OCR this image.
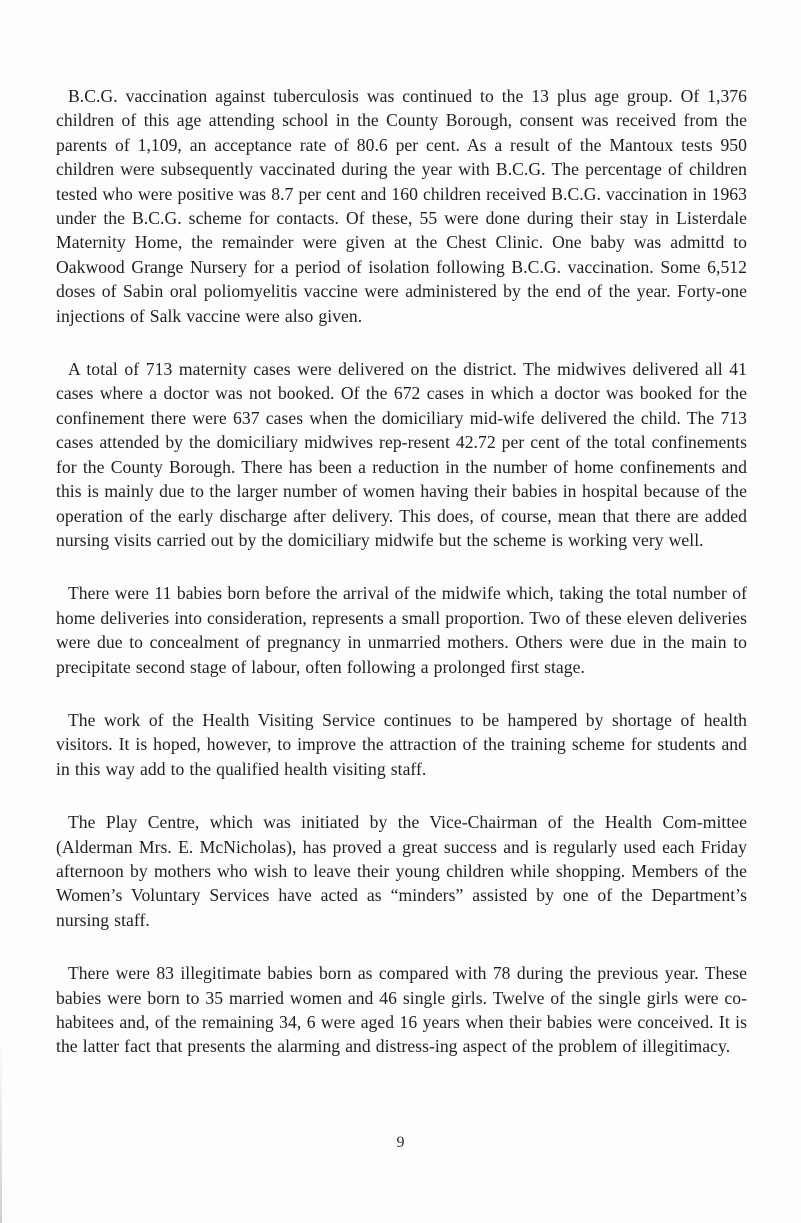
B.C.G. vaccination against tuberculosis was continued to the 13 plus age group. Of 1,376 children of this age attending school in the County Borough, consent was received from the parents of 1,109, an acceptance rate of 80.6 per cent. As a result of the Mantoux tests 950 children were subsequently vaccinated during the year with B.C.G. The percentage of children tested who were positive was 8.7 per cent and 160 children received B.C.G. vaccination in 1963 under the B.C.G. scheme for contacts. Of these, 55 were done during their stay in Listerdale Maternity Home, the remainder were given at the Chest Clinic. One baby was admittd to Oakwood Grange Nursery for a period of isolation following B.C.G. vaccination. Some 6,512 doses of Sabin oral poliomyelitis vaccine were administered by the end of the year. Forty-one injections of Salk vaccine were also given.

A total of 713 maternity cases were delivered on the district. The midwives delivered all 41 cases where a doctor was not booked. Of the 672 cases in which a doctor was booked for the confinement there were 637 cases when the domiciliary mid-wife delivered the child. The 713 cases attended by the domiciliary midwives rep-resent 42.72 per cent of the total confinements for the County Borough. There has been a reduction in the number of home confinements and this is mainly due to the larger number of women having their babies in hospital because of the operation of the early discharge after delivery. This does, of course, mean that there are added nursing visits carried out by the domiciliary midwife but the scheme is working very well.

There were 11 babies born before the arrival of the midwife which, taking the total number of home deliveries into consideration, represents a small proportion. Two of these eleven deliveries were due to concealment of pregnancy in unmarried mothers. Others were due in the main to precipitate second stage of labour, often following a prolonged first stage.

The work of the Health Visiting Service continues to be hampered by shortage of health visitors. It is hoped, however, to improve the attraction of the training scheme for students and in this way add to the qualified health visiting staff.

The Play Centre, which was initiated by the Vice-Chairman of the Health Com-mittee (Alderman Mrs. E. McNicholas), has proved a great success and is regularly used each Friday afternoon by mothers who wish to leave their young children while shopping. Members of the Women’s Voluntary Services have acted as “minders” assisted by one of the Department’s nursing staff.

There were 83 illegitimate babies born as compared with 78 during the previous year. These babies were born to 35 married women and 46 single girls. Twelve of the single girls were co-habitees and, of the remaining 34, 6 were aged 16 years when their babies were conceived. It is the latter fact that presents the alarming and distress-ing aspect of the problem of illegitimacy.

9
